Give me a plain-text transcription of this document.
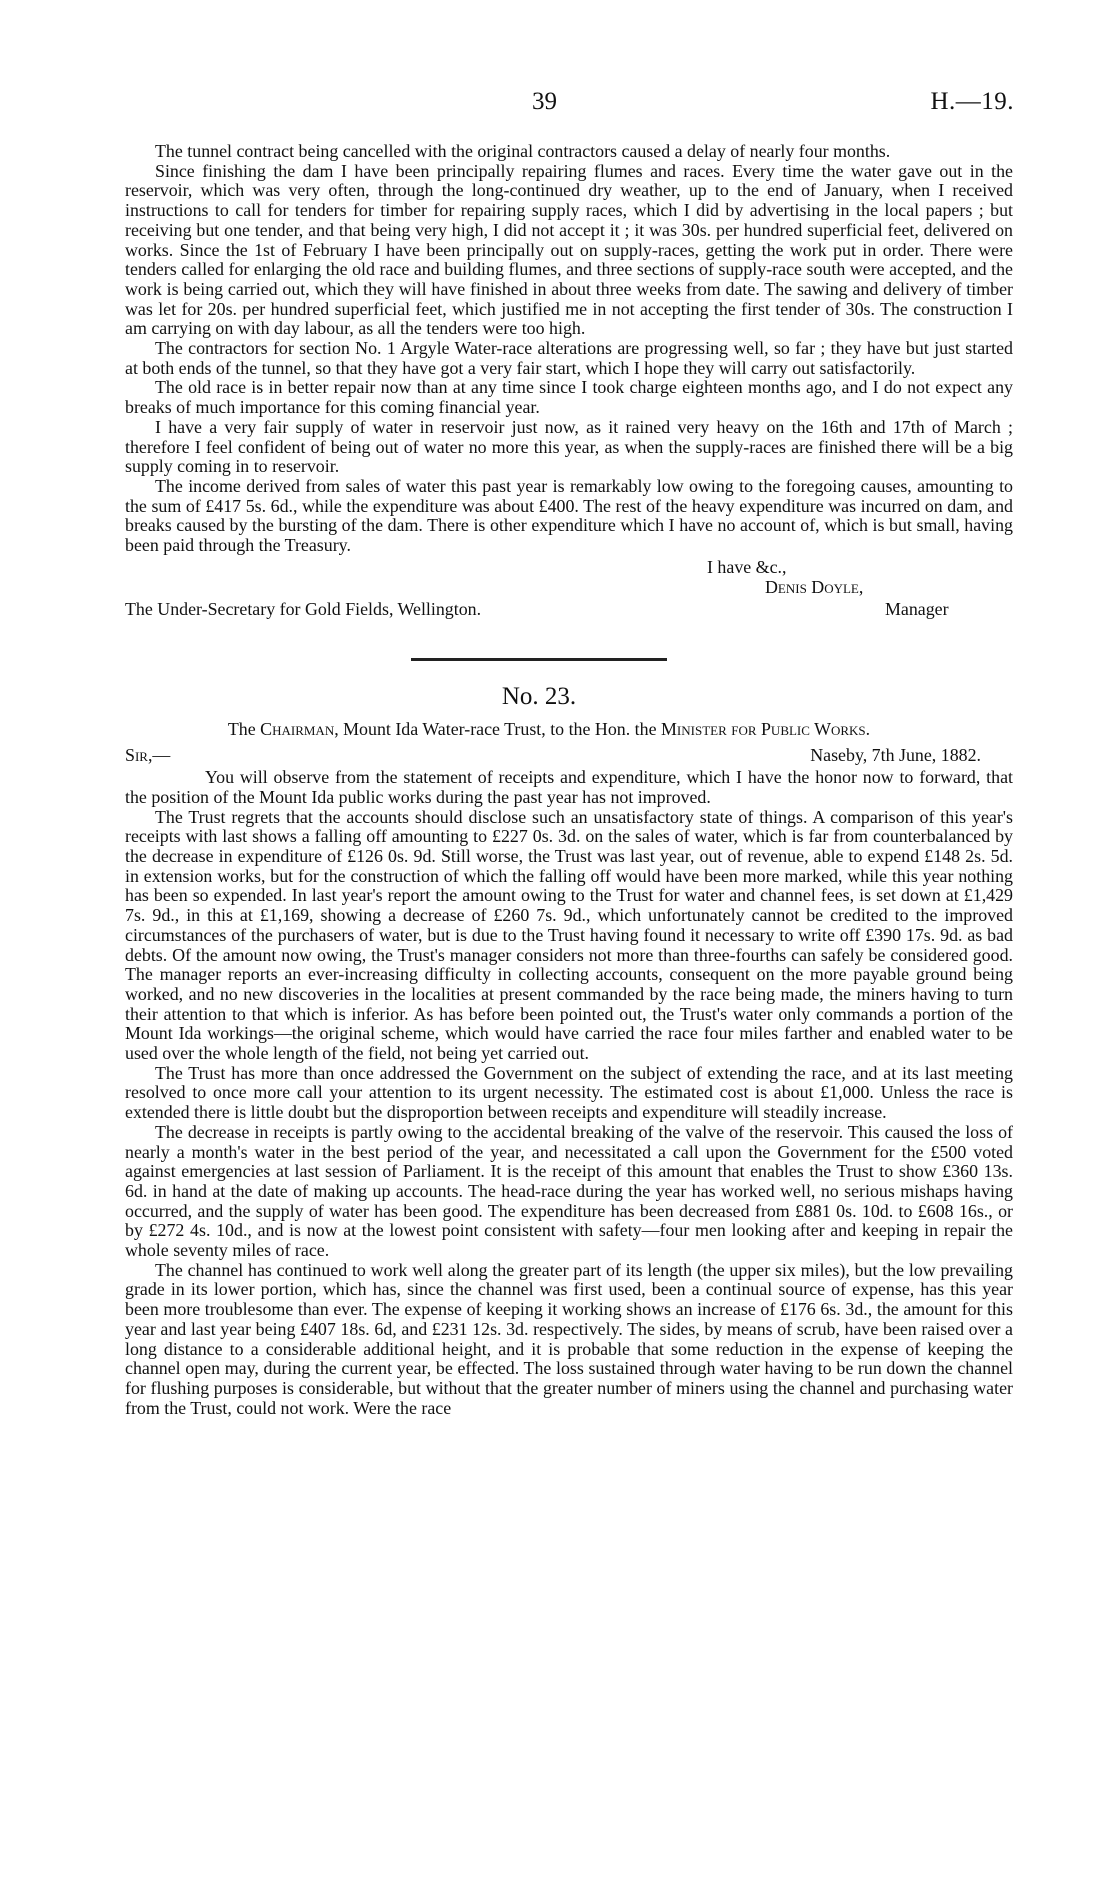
39	H.—19.

The tunnel contract being cancelled with the original contractors caused a delay of nearly four months.

Since finishing the dam I have been principally repairing flumes and races. Every time the water gave out in the reservoir, which was very often, through the long-continued dry weather, up to the end of January, when I received instructions to call for tenders for timber for repairing supply races, which I did by advertising in the local papers ; but receiving but one tender, and that being very high, I did not accept it ; it was 30s. per hundred superficial feet, delivered on works. Since the 1st of February I have been principally out on supply-races, getting the work put in order. There were tenders called for enlarging the old race and building flumes, and three sections of supply-race south were accepted, and the work is being carried out, which they will have finished in about three weeks from date. The sawing and delivery of timber was let for 20s. per hundred superficial feet, which justified me in not accepting the first tender of 30s. The construction I am carrying on with day labour, as all the tenders were too high.

The contractors for section No. 1 Argyle Water-race alterations are progressing well, so far ; they have but just started at both ends of the tunnel, so that they have got a very fair start, which I hope they will carry out satisfactorily.

The old race is in better repair now than at any time since I took charge eighteen months ago, and I do not expect any breaks of much importance for this coming financial year.

I have a very fair supply of water in reservoir just now, as it rained very heavy on the 16th and 17th of March ; therefore I feel confident of being out of water no more this year, as when the supply-races are finished there will be a big supply coming in to reservoir.

The income derived from sales of water this past year is remarkably low owing to the foregoing causes, amounting to the sum of £417 5s. 6d., while the expenditure was about £400. The rest of the heavy expenditure was incurred on dam, and breaks caused by the bursting of the dam. There is other expenditure which I have no account of, which is but small, having been paid through the Treasury.

I have &c.,
Denis Doyle,
The Under-Secretary for Gold Fields, Wellington.	Manager
No. 23.
The Chairman, Mount Ida Water-race Trust, to the Hon. the Minister for Public Works.
Sir,—	Naseby, 7th June, 1882.

You will observe from the statement of receipts and expenditure, which I have the honor now to forward, that the position of the Mount Ida public works during the past year has not improved.

The Trust regrets that the accounts should disclose such an unsatisfactory state of things. A comparison of this year's receipts with last shows a falling off amounting to £227 0s. 3d. on the sales of water, which is far from counterbalanced by the decrease in expenditure of £126 0s. 9d. Still worse, the Trust was last year, out of revenue, able to expend £148 2s. 5d. in extension works, but for the construction of which the falling off would have been more marked, while this year nothing has been so expended. In last year's report the amount owing to the Trust for water and channel fees, is set down at £1,429 7s. 9d., in this at £1,169, showing a decrease of £260 7s. 9d., which unfortunately cannot be credited to the improved circumstances of the purchasers of water, but is due to the Trust having found it necessary to write off £390 17s. 9d. as bad debts. Of the amount now owing, the Trust's manager considers not more than three-fourths can safely be considered good. The manager reports an ever-increasing difficulty in collecting accounts, consequent on the more payable ground being worked, and no new discoveries in the localities at present commanded by the race being made, the miners having to turn their attention to that which is inferior. As has before been pointed out, the Trust's water only commands a portion of the Mount Ida workings—the original scheme, which would have carried the race four miles farther and enabled water to be used over the whole length of the field, not being yet carried out.

The Trust has more than once addressed the Government on the subject of extending the race, and at its last meeting resolved to once more call your attention to its urgent necessity. The estimated cost is about £1,000. Unless the race is extended there is little doubt but the disproportion between receipts and expenditure will steadily increase.

The decrease in receipts is partly owing to the accidental breaking of the valve of the reservoir. This caused the loss of nearly a month's water in the best period of the year, and necessitated a call upon the Government for the £500 voted against emergencies at last session of Parliament. It is the receipt of this amount that enables the Trust to show £360 13s. 6d. in hand at the date of making up accounts. The head-race during the year has worked well, no serious mishaps having occurred, and the supply of water has been good. The expenditure has been decreased from £881 0s. 10d. to £608 16s., or by £272 4s. 10d., and is now at the lowest point consistent with safety—four men looking after and keeping in repair the whole seventy miles of race.

The channel has continued to work well along the greater part of its length (the upper six miles), but the low prevailing grade in its lower portion, which has, since the channel was first used, been a continual source of expense, has this year been more troublesome than ever. The expense of keeping it working shows an increase of £176 6s. 3d., the amount for this year and last year being £407 18s. 6d, and £231 12s. 3d. respectively. The sides, by means of scrub, have been raised over a long distance to a considerable additional height, and it is probable that some reduction in the expense of keeping the channel open may, during the current year, be effected. The loss sustained through water having to be run down the channel for flushing purposes is considerable, but without that the greater number of miners using the channel and purchasing water from the Trust, could not work. Were the race
